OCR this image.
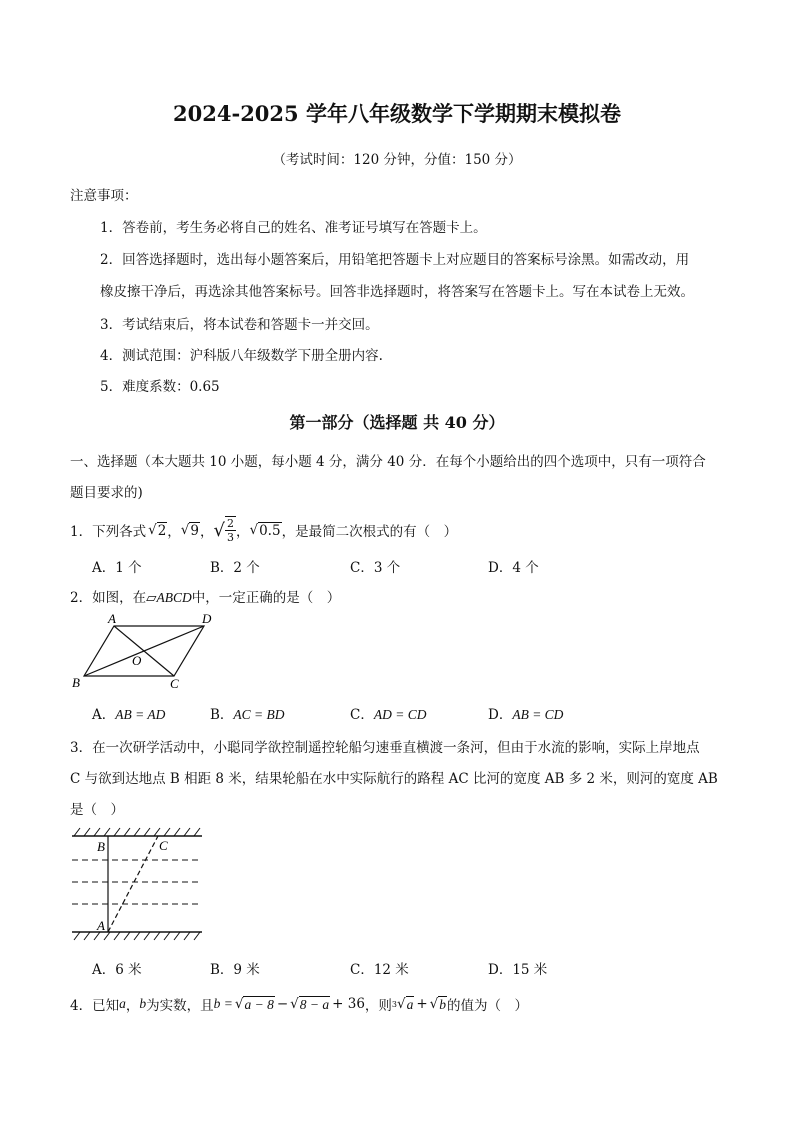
2024-2025 学年八年级数学下学期期末模拟卷
（考试时间：120 分钟，分值：150 分）
注意事项：
1．答卷前，考生务必将自己的姓名、准考证号填写在答题卡上。
2．回答选择题时，选出每小题答案后，用铅笔把答题卡上对应题目的答案标号涂黑。如需改动，用
橡皮擦干净后，再选涂其他答案标号。回答非选择题时，将答案写在答题卡上。写在本试卷上无效。
3．考试结束后，将本试卷和答题卡一并交回。
4．测试范围：沪科版八年级数学下册全册内容.
5．难度系数：0.65
第一部分（选择题 共 40 分）
一、选择题（本大题共 10 小题，每小题 4 分，满分 40 分．在每个小题给出的四个选项中，只有一项符合
题目要求的)
1．下列各式 √ 2 ， √ 9 ， √ 2
3 ， √ 0.5 ，是最简二次根式的有（　）
A．1 个	B．2 个	C．3 个	D．4 个
2．如图，在▱ABCD中，一定正确的是（　）
A	D
B	C
O
A．AB = AD	B．AC = BD	C．AD = CD	D．AB = CD
3．在一次研学活动中，小聪同学欲控制遥控轮船匀速垂直横渡一条河，但由于水流的影响，实际上岸地点
C 与欲到达地点 B 相距 8 米，结果轮船在水中实际航行的路程 AC 比河的宽度 AB 多 2 米，则河的宽度 AB
是（　）
B	C
A
A．6 米	B．9 米	C．12 米	D．15 米
4．已知 a ， b 为实数，且 b = √ a − 8 − √ 8 − a + 36 ，则 3 √ a + √ b 的值为（　）
